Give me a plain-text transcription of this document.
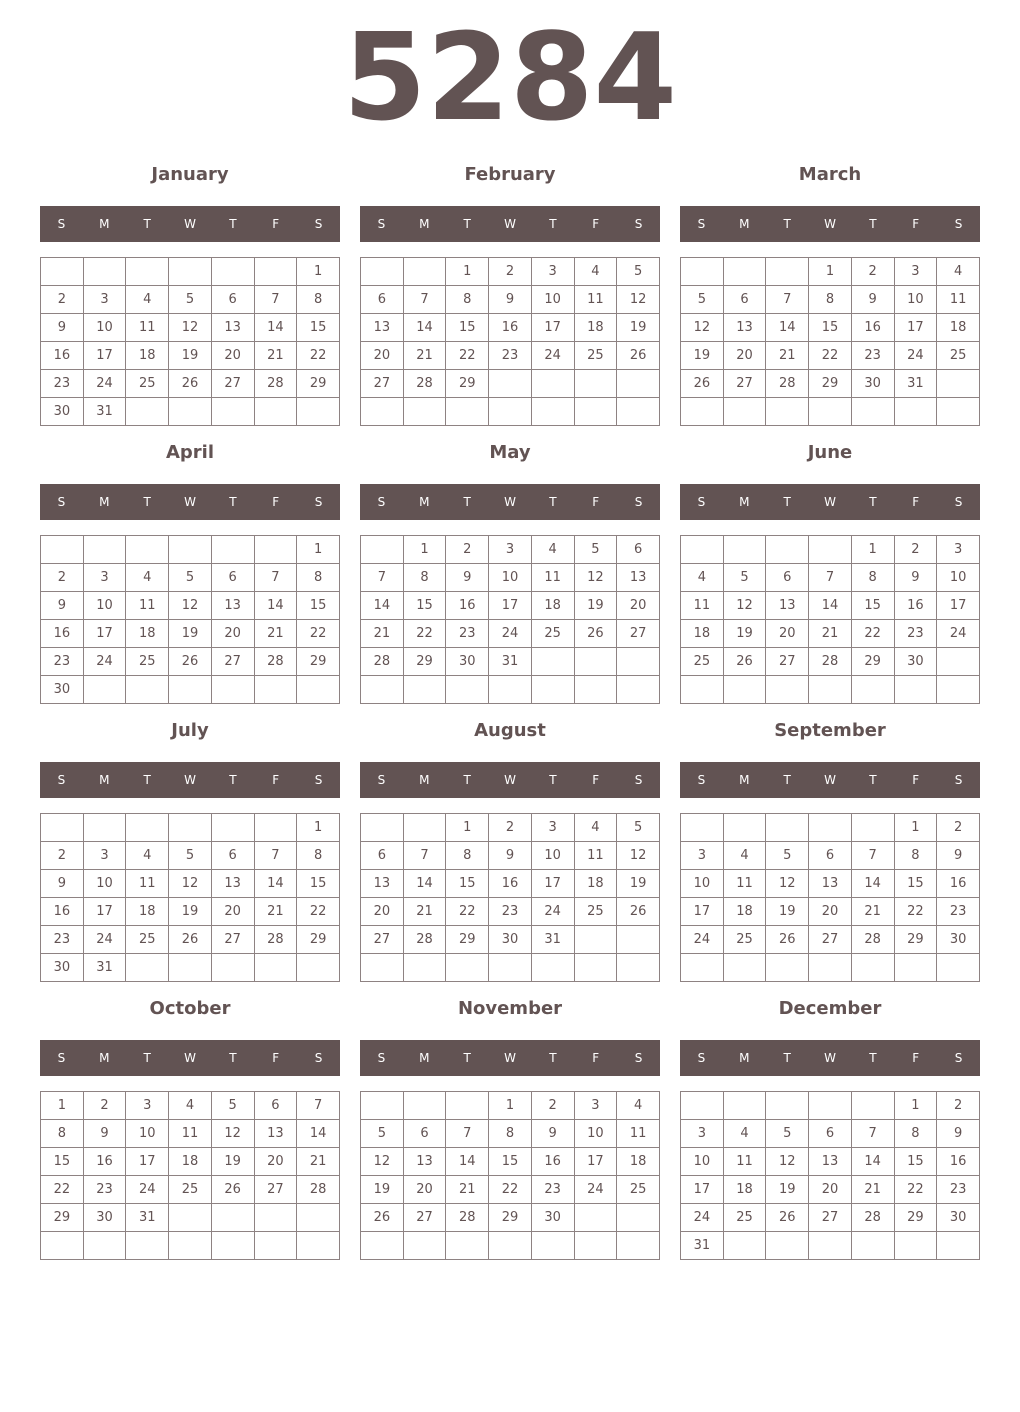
5284
January
S	M	T	W	T	F	S
						1
2	3	4	5	6	7	8
9	10	11	12	13	14	15
16	17	18	19	20	21	22
23	24	25	26	27	28	29
30	31					
February
S	M	T	W	T	F	S
		1	2	3	4	5
6	7	8	9	10	11	12
13	14	15	16	17	18	19
20	21	22	23	24	25	26
27	28	29				

March
S	M	T	W	T	F	S
			1	2	3	4
5	6	7	8	9	10	11
12	13	14	15	16	17	18
19	20	21	22	23	24	25
26	27	28	29	30	31	

April
S	M	T	W	T	F	S
						1
2	3	4	5	6	7	8
9	10	11	12	13	14	15
16	17	18	19	20	21	22
23	24	25	26	27	28	29
30						
May
S	M	T	W	T	F	S
	1	2	3	4	5	6
7	8	9	10	11	12	13
14	15	16	17	18	19	20
21	22	23	24	25	26	27
28	29	30	31			

June
S	M	T	W	T	F	S
				1	2	3
4	5	6	7	8	9	10
11	12	13	14	15	16	17
18	19	20	21	22	23	24
25	26	27	28	29	30	

July
S	M	T	W	T	F	S
						1
2	3	4	5	6	7	8
9	10	11	12	13	14	15
16	17	18	19	20	21	22
23	24	25	26	27	28	29
30	31					
August
S	M	T	W	T	F	S
		1	2	3	4	5
6	7	8	9	10	11	12
13	14	15	16	17	18	19
20	21	22	23	24	25	26
27	28	29	30	31		

September
S	M	T	W	T	F	S
					1	2
3	4	5	6	7	8	9
10	11	12	13	14	15	16
17	18	19	20	21	22	23
24	25	26	27	28	29	30

October
S	M	T	W	T	F	S
1	2	3	4	5	6	7
8	9	10	11	12	13	14
15	16	17	18	19	20	21
22	23	24	25	26	27	28
29	30	31				

November
S	M	T	W	T	F	S
			1	2	3	4
5	6	7	8	9	10	11
12	13	14	15	16	17	18
19	20	21	22	23	24	25
26	27	28	29	30		

December
S	M	T	W	T	F	S
					1	2
3	4	5	6	7	8	9
10	11	12	13	14	15	16
17	18	19	20	21	22	23
24	25	26	27	28	29	30
31						
